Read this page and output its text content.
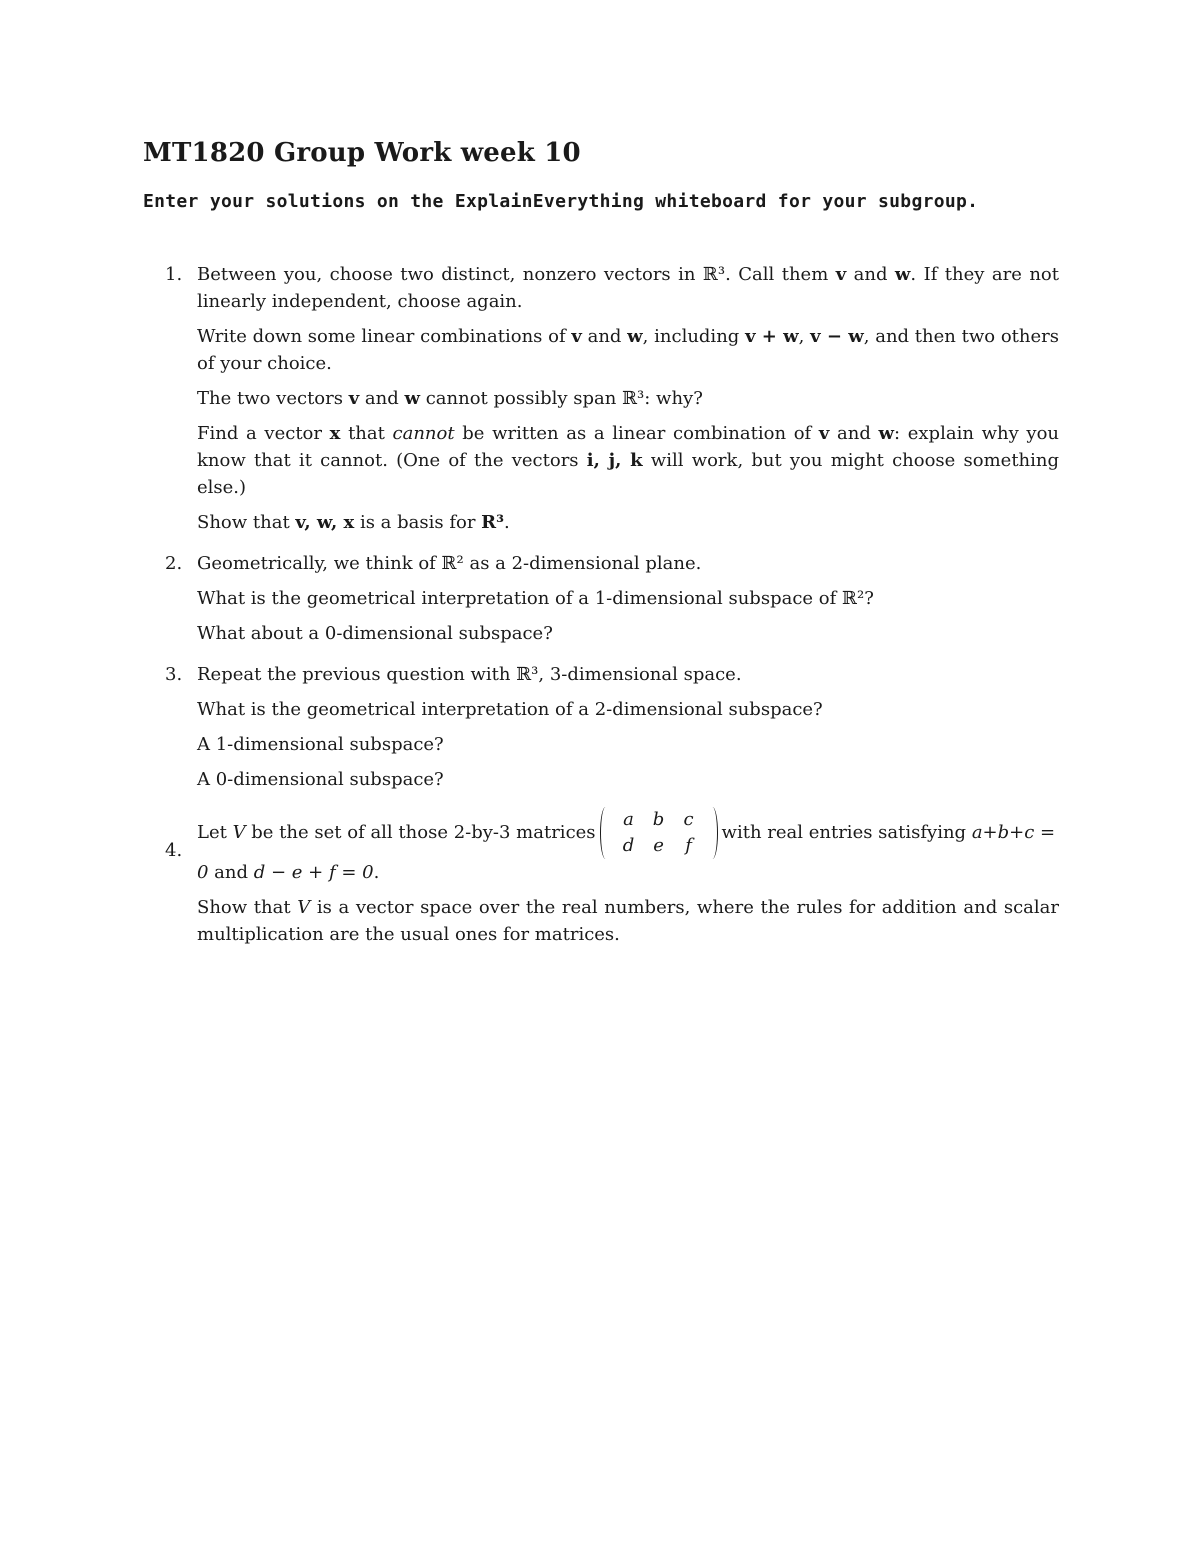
MT1820 Group Work week 10
Enter your solutions on the ExplainEverything whiteboard for your subgroup.
1. Between you, choose two distinct, nonzero vectors in ℝ³. Call them v and w. If they are not linearly independent, choose again.

Write down some linear combinations of v and w, including v + w, v − w, and then two others of your choice.

The two vectors v and w cannot possibly span ℝ³: why?

Find a vector x that cannot be written as a linear combination of v and w: explain why you know that it cannot. (One of the vectors i, j, k will work, but you might choose something else.)

Show that v, w, x is a basis for R³.

2. Geometrically, we think of ℝ² as a 2-dimensional plane.

What is the geometrical interpretation of a 1-dimensional subspace of ℝ²?

What about a 0-dimensional subspace?

3. Repeat the previous question with ℝ³, 3-dimensional space.

What is the geometrical interpretation of a 2-dimensional subspace?

A 1-dimensional subspace?

A 0-dimensional subspace?

4.

Let V be the set of all those 2-by-3 matrices
a	b	c
d	e	f
with real entries satisfying a+b+c = 0 and d − e + f = 0.

Show that V is a vector space over the real numbers, where the rules for addition and scalar multiplication are the usual ones for matrices.
